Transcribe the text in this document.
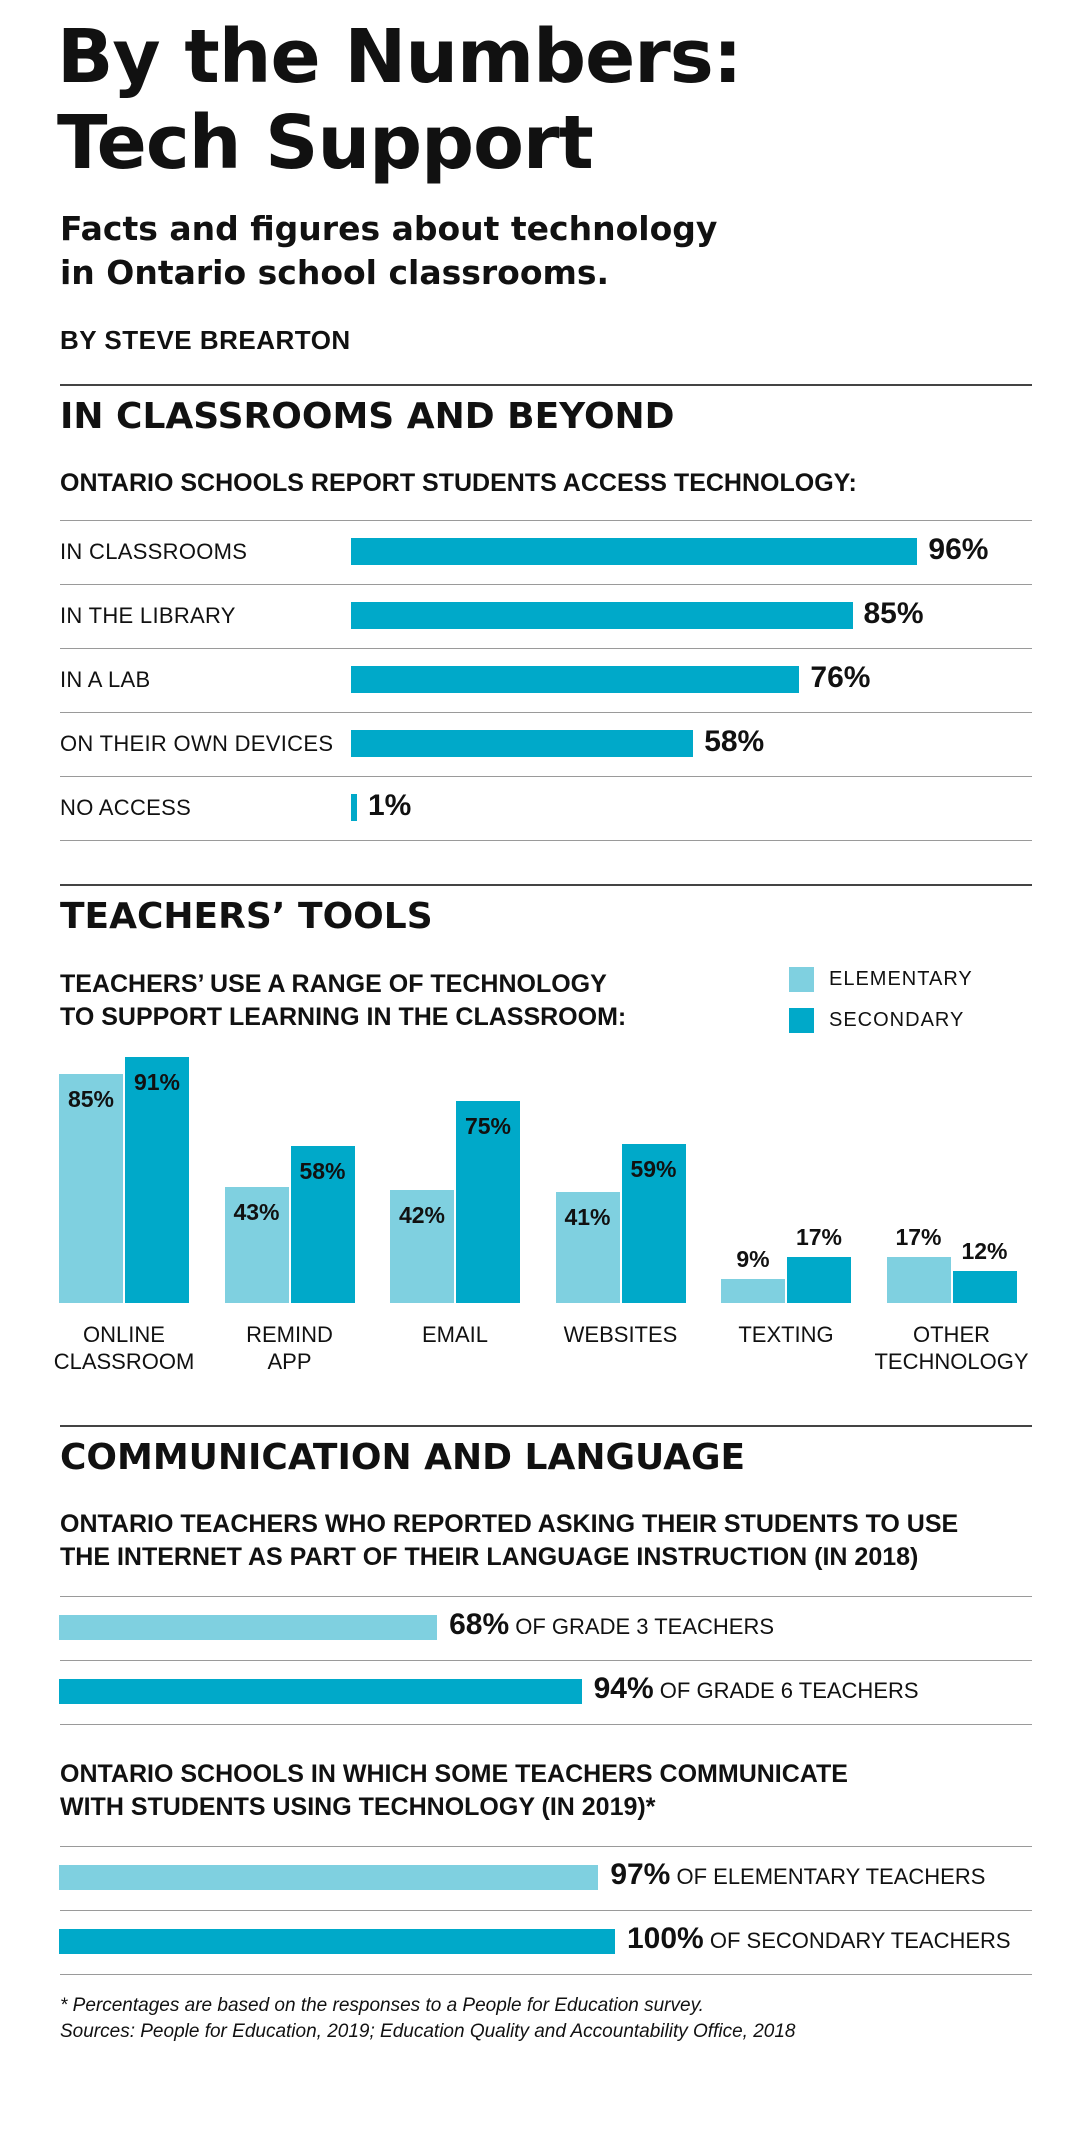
By the Numbers:
Tech Support
Facts and figures about technology
in Ontario school classrooms.
BY STEVE BREARTON
IN CLASSROOMS AND BEYOND
ONTARIO SCHOOLS REPORT STUDENTS ACCESS TECHNOLOGY:
IN CLASSROOMS	96%
IN THE LIBRARY	85%
IN A LAB	76%
ON THEIR OWN DEVICES	58%
NO ACCESS	1%
TEACHERS’ TOOLS
TEACHERS’ USE A RANGE OF TECHNOLOGY
TO SUPPORT LEARNING IN THE CLASSROOM:
ELEMENTARY
SECONDARY
85%
91%
ONLINE
CLASSROOM
43%
58%
REMIND
APP
42%
75%
EMAIL
41%
59%
WEBSITES
9%
17%
TEXTING
17%
12%
OTHER
TECHNOLOGY
COMMUNICATION AND LANGUAGE
ONTARIO TEACHERS WHO REPORTED ASKING THEIR STUDENTS TO USE
THE INTERNET AS PART OF THEIR LANGUAGE INSTRUCTION (IN 2018)
68% OF GRADE 3 TEACHERS
94% OF GRADE 6 TEACHERS
ONTARIO SCHOOLS IN WHICH SOME TEACHERS COMMUNICATE
WITH STUDENTS USING TECHNOLOGY (IN 2019)*
97% OF ELEMENTARY TEACHERS
100% OF SECONDARY TEACHERS
* Percentages are based on the responses to a People for Education survey.
Sources: People for Education, 2019; Education Quality and Accountability Office, 2018
